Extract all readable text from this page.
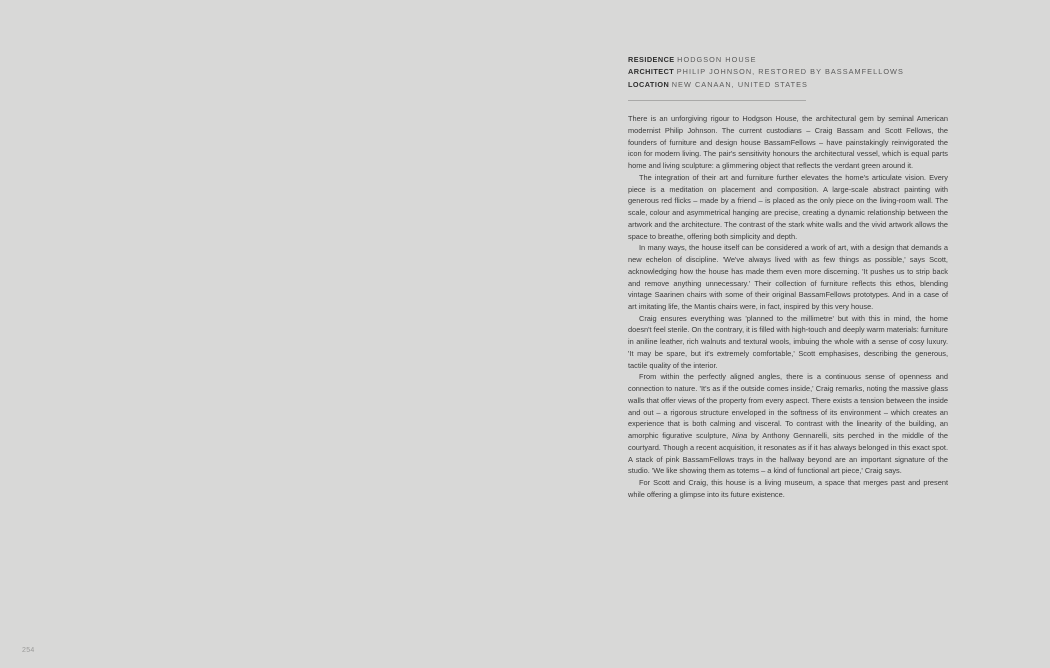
RESIDENCE HODGSON HOUSE
ARCHITECT PHILIP JOHNSON, RESTORED BY BASSAMFELLOWS
LOCATION NEW CANAAN, UNITED STATES

There is an unforgiving rigour to Hodgson House, the architectural gem by seminal American modernist Philip Johnson. The current custodians – Craig Bassam and Scott Fellows, the founders of furniture and design house BassamFellows – have painstakingly reinvigorated the icon for modern living. The pair's sensitivity honours the architectural vessel, which is equal parts home and living sculpture: a glimmering object that reflects the verdant green around it.

The integration of their art and furniture further elevates the home's articulate vision. Every piece is a meditation on placement and composition. A large-scale abstract painting with generous red flicks – made by a friend – is placed as the only piece on the living-room wall. The scale, colour and asymmetrical hanging are precise, creating a dynamic relationship between the artwork and the architecture. The contrast of the stark white walls and the vivid artwork allows the space to breathe, offering both simplicity and depth.

In many ways, the house itself can be considered a work of art, with a design that demands a new echelon of discipline. 'We've always lived with as few things as possible,' says Scott, acknowledging how the house has made them even more discerning. 'It pushes us to strip back and remove anything unnecessary.' Their collection of furniture reflects this ethos, blending vintage Saarinen chairs with some of their original BassamFellows prototypes. And in a case of art imitating life, the Mantis chairs were, in fact, inspired by this very house.

Craig ensures everything was 'planned to the millimetre' but with this in mind, the home doesn't feel sterile. On the contrary, it is filled with high-touch and deeply warm materials: furniture in aniline leather, rich walnuts and textural wools, imbuing the whole with a sense of cosy luxury. 'It may be spare, but it's extremely comfortable,' Scott emphasises, describing the generous, tactile quality of the interior.

From within the perfectly aligned angles, there is a continuous sense of openness and connection to nature. 'It's as if the outside comes inside,' Craig remarks, noting the massive glass walls that offer views of the property from every aspect. There exists a tension between the inside and out – a rigorous structure enveloped in the softness of its environment – which creates an experience that is both calming and visceral. To contrast with the linearity of the building, an amorphic figurative sculpture, Nina by Anthony Gennarelli, sits perched in the middle of the courtyard. Though a recent acquisition, it resonates as if it has always belonged in this exact spot. A stack of pink BassamFellows trays in the hallway beyond are an important signature of the studio. 'We like showing them as totems – a kind of functional art piece,' Craig says.

For Scott and Craig, this house is a living museum, a space that merges past and present while offering a glimpse into its future existence.

254
